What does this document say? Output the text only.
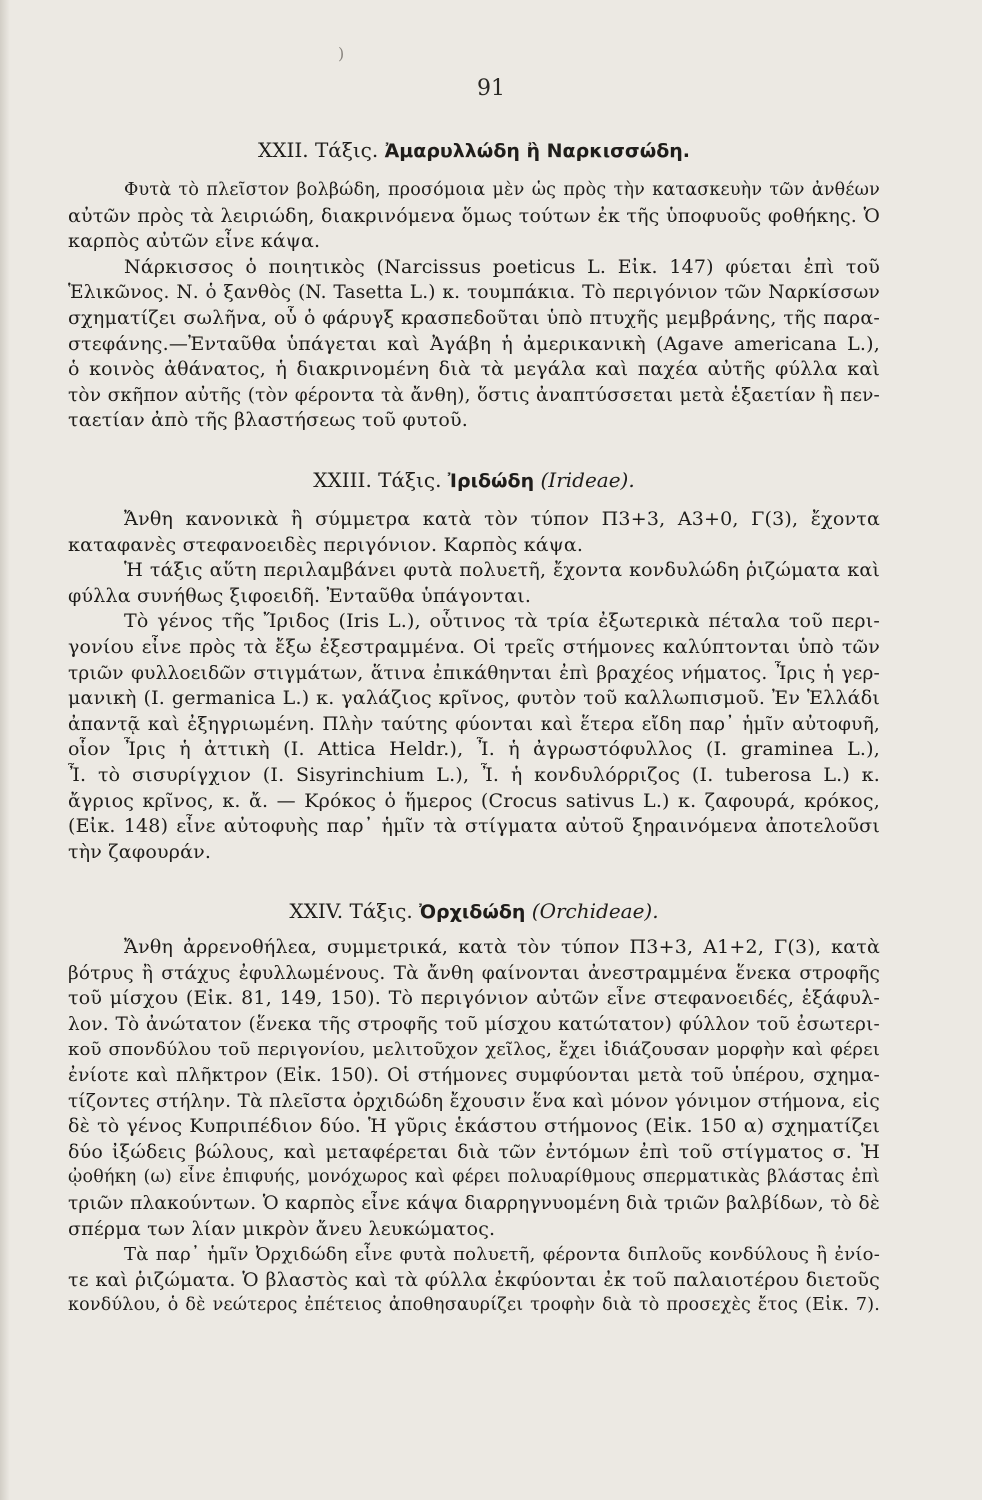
)
91
XXII. Τάξις. Ἀμαρυλλώδη ἢ Ναρκισσώδη.
Φυτὰ τὸ πλεῖστον βολβώδη, προσόμοια μὲν ὡς πρὸς τὴν κατασκευὴν τῶν ἀνθέων
αὐτῶν πρὸς τὰ λειριώδη, διακρινόμενα ὅμως τούτων ἐκ τῆς ὑποφυοῦς φοθήκης. Ὁ
καρπὸς αὐτῶν εἶνε κάψα.
Νάρκισσος ὁ ποιητικὸς (Narcissus poeticus L. Εἰκ. 147) φύεται ἐπὶ τοῦ
Ἑλικῶνος. Ν. ὁ ξανθὸς (N. Tasetta L.) κ. τουμπάκια. Τὸ περιγόνιον τῶν Ναρκίσσων
σχηματίζει σωλῆνα, οὗ ὁ φάρυγξ κρασπεδοῦται ὑπὸ πτυχῆς μεμβράνης, τῆς παρα-
στεφάνης.—Ἐνταῦθα ὑπάγεται καὶ Ἀγάβη ἡ ἀμερικανικὴ (Agave americana L.),
ὁ κοινὸς ἀθάνατος, ἡ διακρινομένη διὰ τὰ μεγάλα καὶ παχέα αὐτῆς φύλλα καὶ
τὸν σκῆπον αὐτῆς (τὸν φέροντα τὰ ἄνθη), ὅστις ἀναπτύσσεται μετὰ ἑξαετίαν ἢ πεν-
ταετίαν ἀπὸ τῆς βλαστήσεως τοῦ φυτοῦ.
XXIII. Τάξις. Ἰριδώδη (Irideae).
Ἄνθη κανονικὰ ἢ σύμμετρα κατὰ τὸν τύπον Π3+3, Α3+0, Γ(3), ἔχοντα
καταφανὲς στεφανοειδὲς περιγόνιον. Καρπὸς κάψα.
Ἡ τάξις αὕτη περιλαμβάνει φυτὰ πολυετῆ, ἔχοντα κονδυλώδη ῥιζώματα καὶ
φύλλα συνήθως ξιφοειδῆ. Ἐνταῦθα ὑπάγονται.
Τὸ γένος τῆς Ἴριδος (Iris L.), οὗτινος τὰ τρία ἐξωτερικὰ πέταλα τοῦ περι-
γονίου εἶνε πρὸς τὰ ἔξω ἐξεστραμμένα. Οἱ τρεῖς στήμονες καλύπτονται ὑπὸ τῶν
τριῶν φυλλοειδῶν στιγμάτων, ἅτινα ἐπικάθηνται ἐπὶ βραχέος νήματος. Ἶρις ἡ γερ-
μανικὴ (I. germanica L.) κ. γαλάζιος κρῖνος, φυτὸν τοῦ καλλωπισμοῦ. Ἐν Ἑλλάδι
ἀπαντᾷ καὶ ἐξηγριωμένη. Πλὴν ταύτης φύονται καὶ ἕτερα εἴδη παρ᾽ ἡμῖν αὐτοφυῆ,
οἷον Ἶρις ἡ ἀττικὴ (I. Attica Heldr.), Ἶ. ἡ ἀγρωστόφυλλος (I. graminea L.),
Ἶ. τὸ σισυρίγχιον (I. Sisyrinchium L.), Ἶ. ἡ κονδυλόρριζος (I. tuberosa L.) κ.
ἄγριος κρῖνος, κ. ἄ. — Κρόκος ὁ ἥμερος (Crocus sativus L.) κ. ζαφουρά, κρόκος,
(Εἰκ. 148) εἶνε αὐτοφυὴς παρ᾽ ἡμῖν τὰ στίγματα αὐτοῦ ξηραινόμενα ἀποτελοῦσι
τὴν ζαφουράν.
XXIV. Τάξις. Ὀρχιδώδη (Orchideae).
Ἄνθη ἀρρενοθήλεα, συμμετρικά, κατὰ τὸν τύπον Π3+3, Α1+2, Γ(3), κατὰ
βότρυς ἢ στάχυς ἐφυλλωμένους. Τὰ ἄνθη φαίνονται ἀνεστραμμένα ἕνεκα στροφῆς
τοῦ μίσχου (Εἰκ. 81, 149, 150). Τὸ περιγόνιον αὐτῶν εἶνε στεφανοειδές, ἑξάφυλ-
λον. Τὸ ἀνώτατον (ἕνεκα τῆς στροφῆς τοῦ μίσχου κατώτατον) φύλλον τοῦ ἐσωτερι-
κοῦ σπονδύλου τοῦ περιγονίου, μελιτοῦχον χεῖλος, ἔχει ἰδιάζουσαν μορφὴν καὶ φέρει
ἐνίοτε καὶ πλῆκτρον (Εἰκ. 150). Οἱ στήμονες συμφύονται μετὰ τοῦ ὑπέρου, σχημα-
τίζοντες στήλην. Τὰ πλεῖστα ὀρχιδώδη ἔχουσιν ἕνα καὶ μόνον γόνιμον στήμονα, εἰς
δὲ τὸ γένος Κυπριπέδιον δύο. Ἡ γῦρις ἑκάστου στήμονος (Εἰκ. 150 α) σχηματίζει
δύο ἰξώδεις βώλους, καὶ μεταφέρεται διὰ τῶν ἐντόμων ἐπὶ τοῦ στίγματος σ. Ἡ
ᾠοθήκη (ω) εἶνε ἐπιφυής, μονόχωρος καὶ φέρει πολυαρίθμους σπερματικὰς βλάστας ἐπὶ
τριῶν πλακούντων. Ὁ καρπὸς εἶνε κάψα διαρρηγνυομένη διὰ τριῶν βαλβίδων, τὸ δὲ
σπέρμα των λίαν μικρὸν ἄνευ λευκώματος.
Τὰ παρ᾽ ἡμῖν Ὀρχιδώδη εἶνε φυτὰ πολυετῆ, φέροντα διπλοῦς κονδύλους ἢ ἐνίο-
τε καὶ ῥιζώματα. Ὁ βλαστὸς καὶ τὰ φύλλα ἐκφύονται ἐκ τοῦ παλαιοτέρου διετοῦς
κονδύλου, ὁ δὲ νεώτερος ἐπέτειος ἀποθησαυρίζει τροφὴν διὰ τὸ προσεχὲς ἔτος (Εἰκ. 7).
